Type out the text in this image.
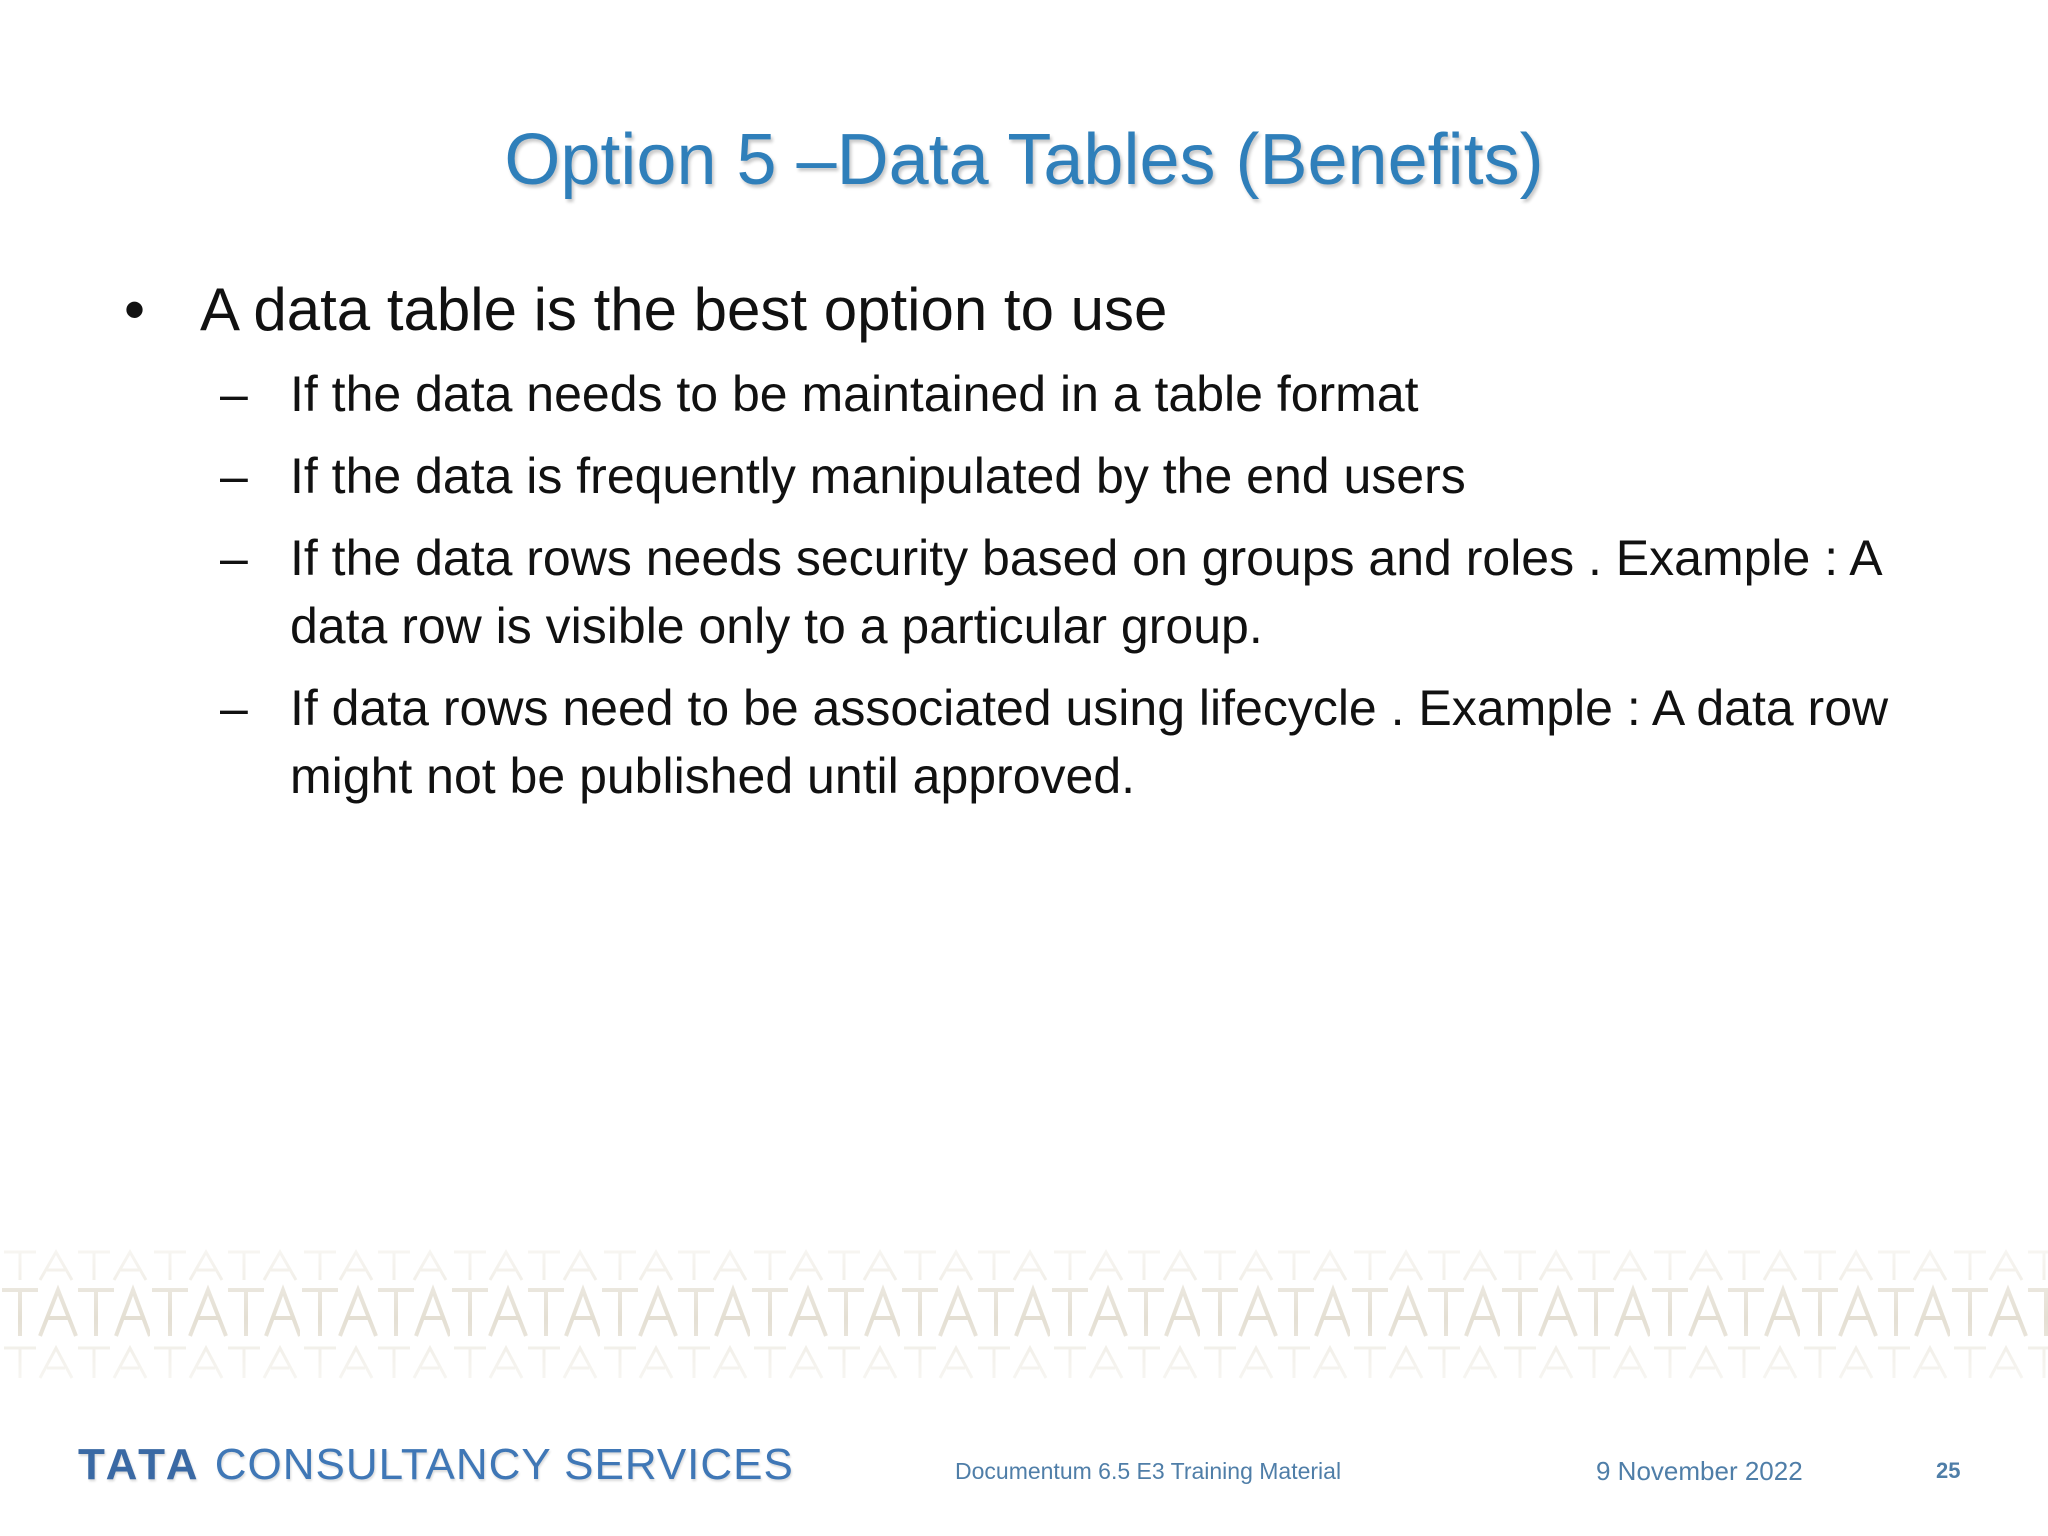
Option 5 –Data Tables (Benefits)
• A data table is the best option to use
– If the data needs to be maintained in a table format
– If the data is frequently manipulated by the end users
– If the data rows needs security based on groups and roles . Example : A data row is visible only to a particular group.
– If data rows need to be associated using lifecycle . Example : A data row might not be published until approved.
TATA CONSULTANCY SERVICES	Documentum 6.5 E3 Training Material	9 November 2022	25
